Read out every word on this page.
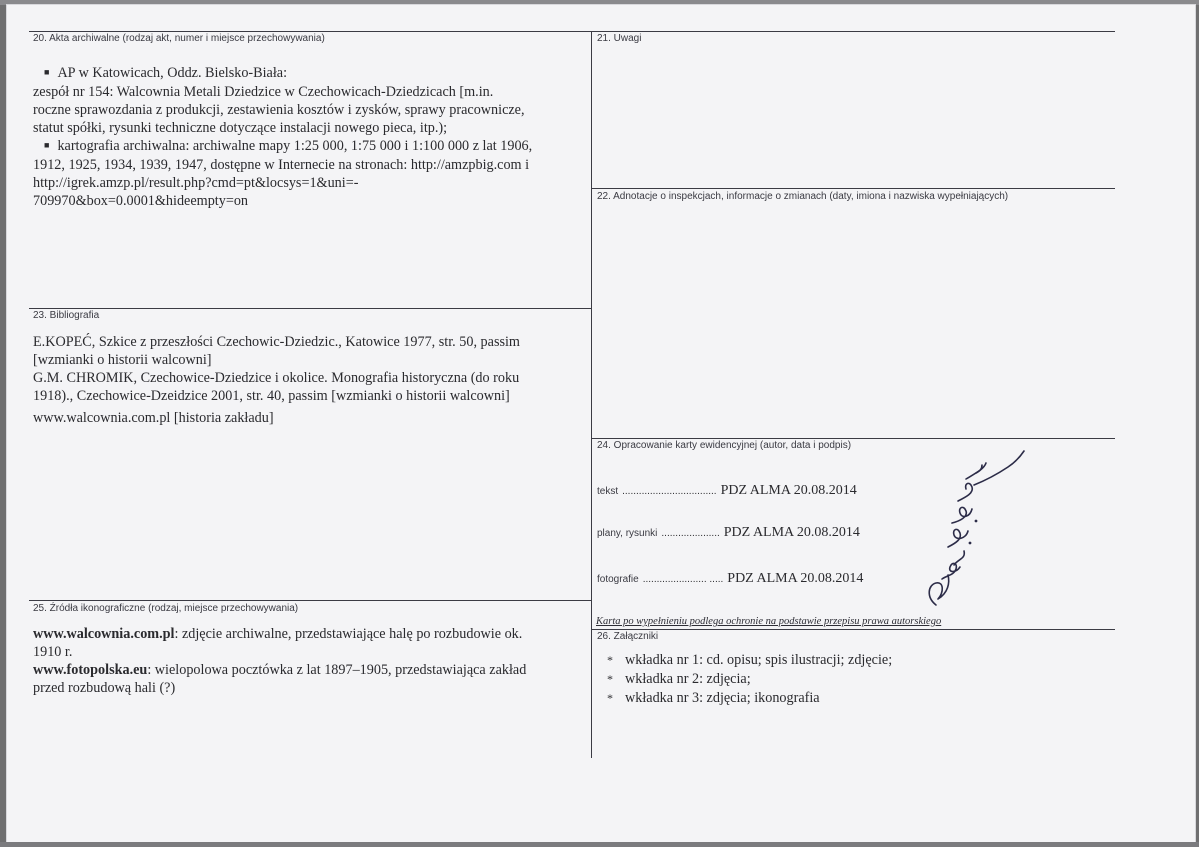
20. Akta archiwalne (rodzaj akt, numer i miejsce przechowywania)
■ AP w Katowicach, Oddz. Bielsko-Biała:
zespół nr 154: Walcownia Metali Dziedzice w Czechowicach-Dziedzicach [m.in.
roczne sprawozdania z produkcji, zestawienia kosztów i zysków, sprawy pracownicze,
statut spółki, rysunki techniczne dotyczące instalacji nowego pieca, itp.);
■ kartografia archiwalna: archiwalne mapy 1:25 000, 1:75 000 i 1:100 000 z lat 1906,
1912, 1925, 1934, 1939, 1947, dostępne w Internecie na stronach: http://amzpbig.com i
http://igrek.amzp.pl/result.php?cmd=pt&locsys=1&uni=-
709970&box=0.0001&hideempty=on
21. Uwagi
22. Adnotacje o inspekcjach, informacje o zmianach (daty, imiona i nazwiska wypełniających)
23. Bibliografia
E.KOPEĆ, Szkice z przeszłości Czechowic-Dziedzic., Katowice 1977, str. 50, passim
[wzmianki o historii walcowni]
G.M. CHROMIK, Czechowice-Dziedzice i okolice. Monografia historyczna (do roku
1918)., Czechowice-Dzeidzice 2001, str. 40, passim [wzmianki o historii walcowni]
www.walcownia.com.pl [historia zakładu]
24. Opracowanie karty ewidencyjnej (autor, data i podpis)
tekst .................................. PDZ ALMA 20.08.2014
plany, rysunki ..................... PDZ ALMA 20.08.2014
fotografie ....................... ..... PDZ ALMA 20.08.2014
Karta po wypełnieniu podlega ochronie na podstawie przepisu prawa autorskiego
25. Źródła ikonograficzne (rodzaj, miejsce przechowywania)
www.walcownia.com.pl: zdjęcie archiwalne, przedstawiające halę po rozbudowie ok.
1910 r.
www.fotopolska.eu: wielopolowa pocztówka z lat 1897–1905, przedstawiająca zakład
przed rozbudową hali (?)
26. Załączniki
* wkładka nr 1: cd. opisu; spis ilustracji; zdjęcie;
* wkładka nr 2: zdjęcia;
* wkładka nr 3: zdjęcia; ikonografia
